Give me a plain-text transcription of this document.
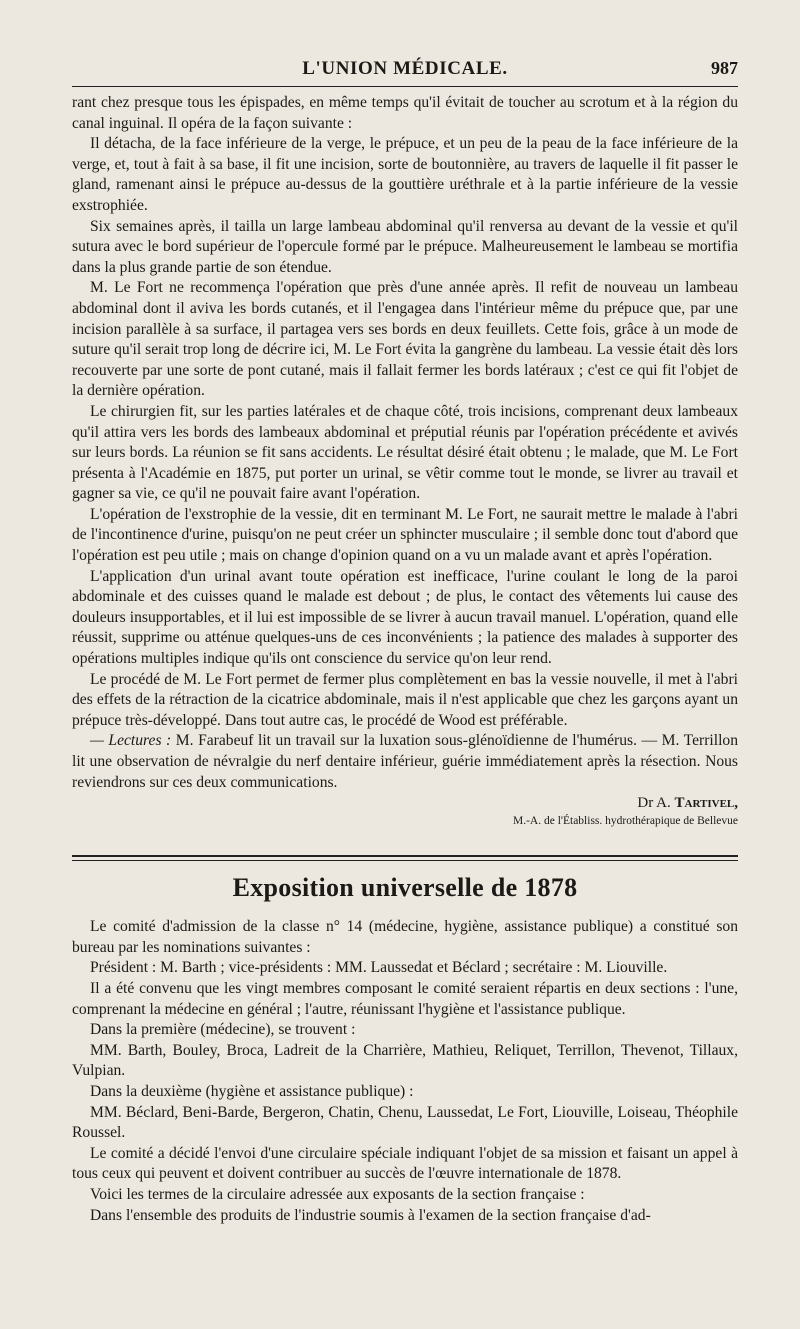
L'UNION MÉDICALE.	987

rant chez presque tous les épispades, en même temps qu'il évitait de toucher au scrotum et à la région du canal inguinal. Il opéra de la façon suivante :

Il détacha, de la face inférieure de la verge, le prépuce, et un peu de la peau de la face inférieure de la verge, et, tout à fait à sa base, il fit une incision, sorte de boutonnière, au travers de laquelle il fit passer le gland, ramenant ainsi le prépuce au-dessus de la gouttière uréthrale et à la partie inférieure de la vessie exstrophiée.

Six semaines après, il tailla un large lambeau abdominal qu'il renversa au devant de la vessie et qu'il sutura avec le bord supérieur de l'opercule formé par le prépuce. Malheureusement le lambeau se mortifia dans la plus grande partie de son étendue.

M. Le Fort ne recommença l'opération que près d'une année après. Il refit de nouveau un lambeau abdominal dont il aviva les bords cutanés, et il l'engagea dans l'intérieur même du prépuce que, par une incision parallèle à sa surface, il partagea vers ses bords en deux feuillets. Cette fois, grâce à un mode de suture qu'il serait trop long de décrire ici, M. Le Fort évita la gangrène du lambeau. La vessie était dès lors recouverte par une sorte de pont cutané, mais il fallait fermer les bords latéraux ; c'est ce qui fit l'objet de la dernière opération.

Le chirurgien fit, sur les parties latérales et de chaque côté, trois incisions, comprenant deux lambeaux qu'il attira vers les bords des lambeaux abdominal et préputial réunis par l'opération précédente et avivés sur leurs bords. La réunion se fit sans accidents. Le résultat désiré était obtenu ; le malade, que M. Le Fort présenta à l'Académie en 1875, put porter un urinal, se vêtir comme tout le monde, se livrer au travail et gagner sa vie, ce qu'il ne pouvait faire avant l'opération.

L'opération de l'exstrophie de la vessie, dit en terminant M. Le Fort, ne saurait mettre le malade à l'abri de l'incontinence d'urine, puisqu'on ne peut créer un sphincter musculaire ; il semble donc tout d'abord que l'opération est peu utile ; mais on change d'opinion quand on a vu un malade avant et après l'opération.

L'application d'un urinal avant toute opération est inefficace, l'urine coulant le long de la paroi abdominale et des cuisses quand le malade est debout ; de plus, le contact des vêtements lui cause des douleurs insupportables, et il lui est impossible de se livrer à aucun travail manuel. L'opération, quand elle réussit, supprime ou atténue quelques-uns de ces inconvénients ; la patience des malades à supporter des opérations multiples indique qu'ils ont conscience du service qu'on leur rend.

Le procédé de M. Le Fort permet de fermer plus complètement en bas la vessie nouvelle, il met à l'abri des effets de la rétraction de la cicatrice abdominale, mais il n'est applicable que chez les garçons ayant un prépuce très-développé. Dans tout autre cas, le procédé de Wood est préférable.

— Lectures : M. Farabeuf lit un travail sur la luxation sous-glénoïdienne de l'humérus. — M. Terrillon lit une observation de névralgie du nerf dentaire inférieur, guérie immédiatement après la résection. Nous reviendrons sur ces deux communications.

Dr A. Tartivel,
M.-A. de l'Établiss. hydrothérapique de Bellevue
Exposition universelle de 1878

Le comité d'admission de la classe n° 14 (médecine, hygiène, assistance publique) a constitué son bureau par les nominations suivantes :

Président : M. Barth ; vice-présidents : MM. Laussedat et Béclard ; secrétaire : M. Liouville.

Il a été convenu que les vingt membres composant le comité seraient répartis en deux sections : l'une, comprenant la médecine en général ; l'autre, réunissant l'hygiène et l'assistance publique.

Dans la première (médecine), se trouvent :

MM. Barth, Bouley, Broca, Ladreit de la Charrière, Mathieu, Reliquet, Terrillon, Thevenot, Tillaux, Vulpian.

Dans la deuxième (hygiène et assistance publique) :

MM. Béclard, Beni-Barde, Bergeron, Chatin, Chenu, Laussedat, Le Fort, Liouville, Loiseau, Théophile Roussel.

Le comité a décidé l'envoi d'une circulaire spéciale indiquant l'objet de sa mission et faisant un appel à tous ceux qui peuvent et doivent contribuer au succès de l'œuvre internationale de 1878.

Voici les termes de la circulaire adressée aux exposants de la section française :

Dans l'ensemble des produits de l'industrie soumis à l'examen de la section française d'ad-
